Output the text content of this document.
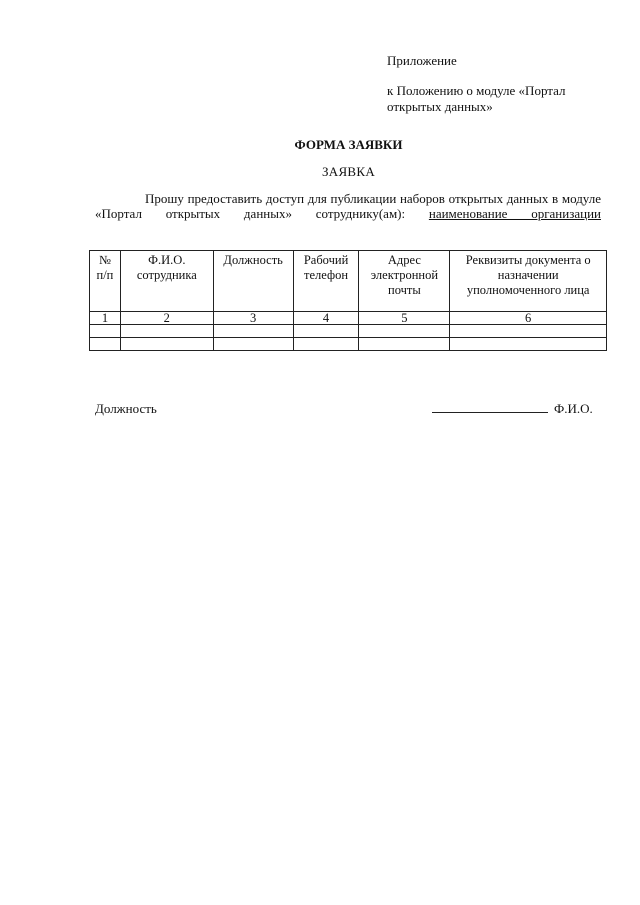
Приложение
к Положению о модуле «Портал
открытых данных»
ФОРМА ЗАЯВКИ
ЗАЯВКА
Прошу предоставить доступ для публикации наборов открытых данных в модуле «Портал открытых данных» сотруднику(ам): наименование организации
№ п/п	Ф.И.О. сотрудника	Должность	Рабочий телефон	Адрес электронной почты	Реквизиты документа о назначении уполномоченного лица
1	2	3	4	5	6

Должность	Ф.И.О.
